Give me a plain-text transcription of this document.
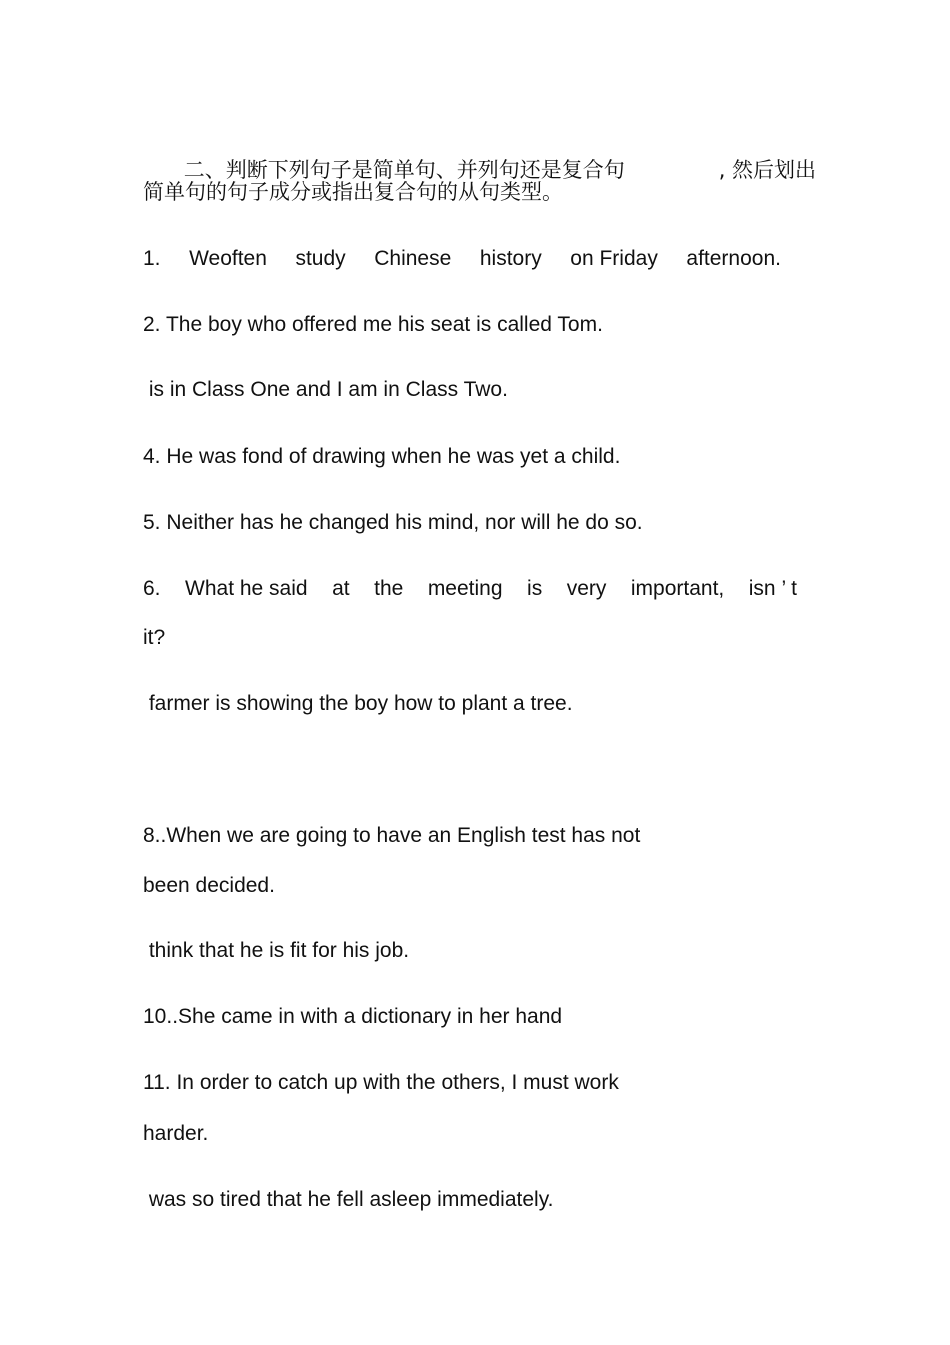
二、判断下列句子是简单句、并列句还是复合句
	, 然后划出

简单句的句子成分或指出复合句的从句类型。
1. Weoften study Chinese history on Friday afternoon.
2. The boy who offered me his seat is called Tom.
is in Class One and I am in Class Two.
4. He was fond of drawing when he was yet a child.
5. Neither has he changed his mind, nor will he do so.
6. What he said at the meeting is very important, isn ’ t
it?
farmer is showing the boy how to plant a tree.
8..When we are going to have an English test has not
been decided.
think that he is fit for his job.
10..She came in with a dictionary in her hand
11. In order to catch up with the others, I must work
harder.
was so tired that he fell asleep immediately.
